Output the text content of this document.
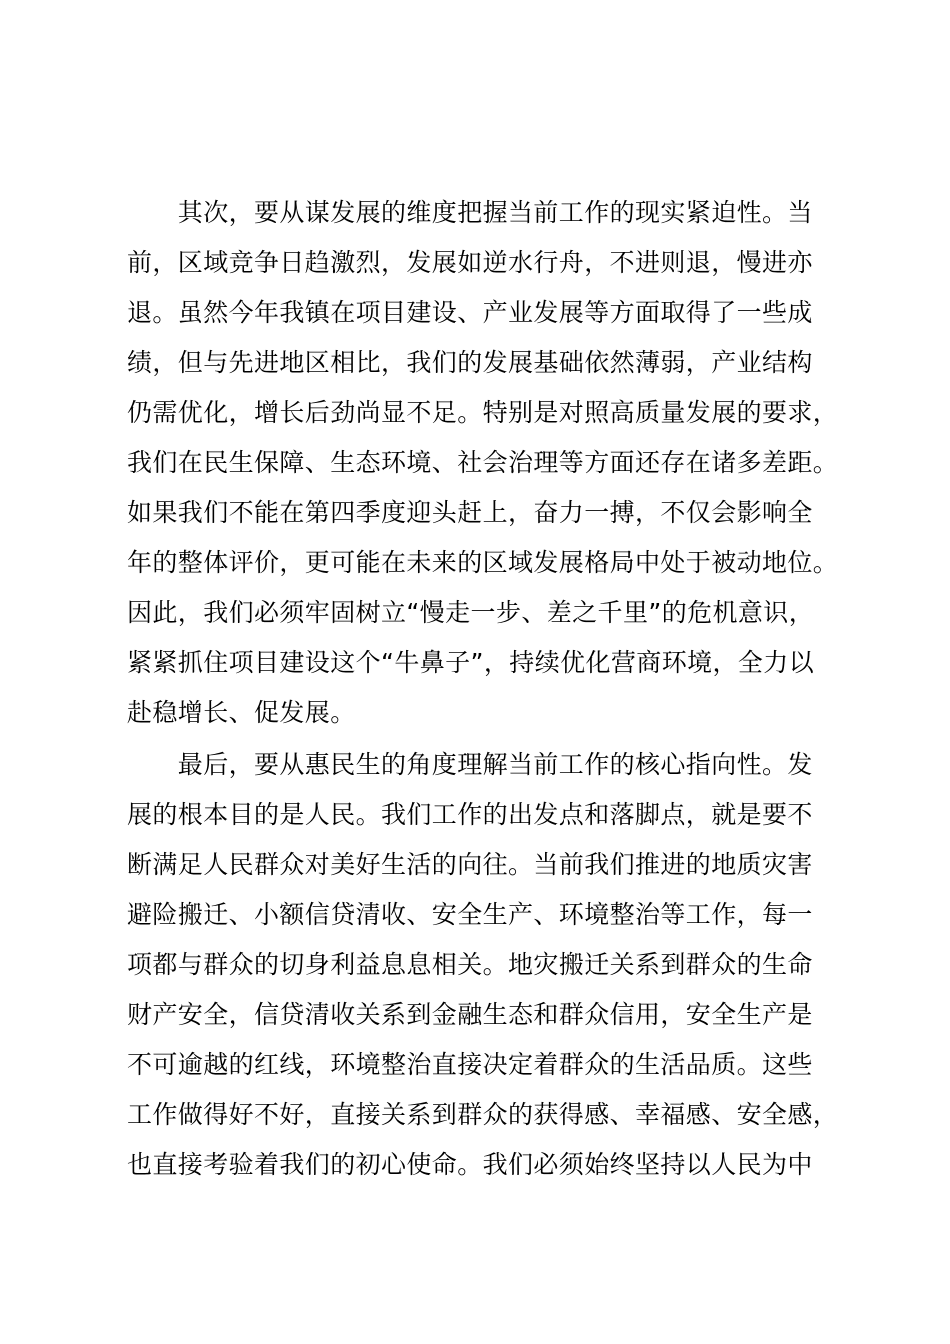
　　其次，要从谋发展的维度把握当前工作的现实紧迫性。当
前，区域竞争日趋激烈，发展如逆水行舟，不进则退，慢进亦
退。虽然今年我镇在项目建设、产业发展等方面取得了一些成
绩，但与先进地区相比，我们的发展基础依然薄弱，产业结构
仍需优化，增长后劲尚显不足。特别是对照高质量发展的要求，
我们在民生保障、生态环境、社会治理等方面还存在诸多差距。
如果我们不能在第四季度迎头赶上，奋力一搏，不仅会影响全
年的整体评价，更可能在未来的区域发展格局中处于被动地位。
因此，我们必须牢固树立“慢走一步、差之千里”的危机意识，
紧紧抓住项目建设这个“牛鼻子”，持续优化营商环境，全力以
赴稳增长、促发展。

　　最后，要从惠民生的角度理解当前工作的核心指向性。发
展的根本目的是人民。我们工作的出发点和落脚点，就是要不
断满足人民群众对美好生活的向往。当前我们推进的地质灾害
避险搬迁、小额信贷清收、安全生产、环境整治等工作，每一
项都与群众的切身利益息息相关。地灾搬迁关系到群众的生命
财产安全，信贷清收关系到金融生态和群众信用，安全生产是
不可逾越的红线，环境整治直接决定着群众的生活品质。这些
工作做得好不好，直接关系到群众的获得感、幸福感、安全感，
也直接考验着我们的初心使命。我们必须始终坚持以人民为中
